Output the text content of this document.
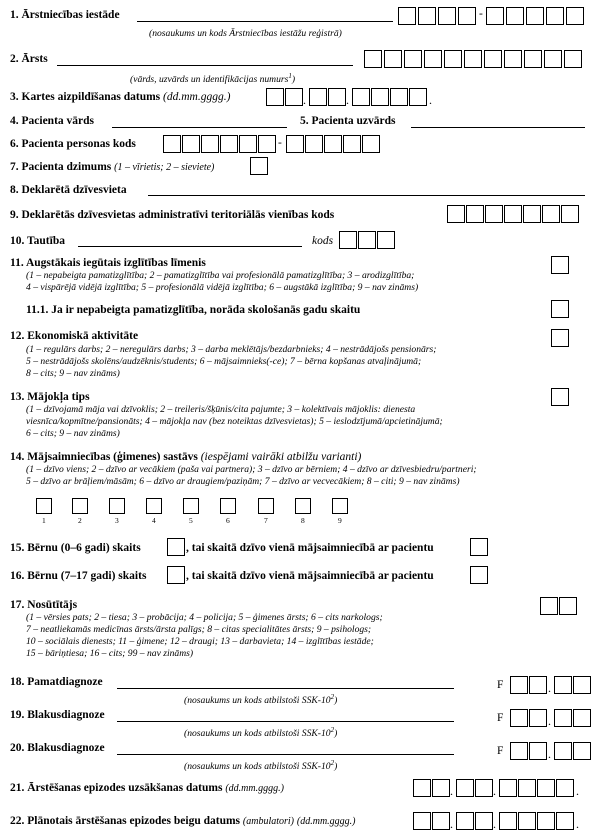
1. Ārstniecības iestāde
(nosaukums un kods Ārstniecības iestāžu reģistrā)
-
2. Ārsts
(vārds, uzvārds un identifikācijas numurs$^1$)
3. Kartes aizpildīšanas datums (dd.mm.gggg.)	.	.	.
4. Pacienta vārds	5. Pacienta uzvārds
6. Pacienta personas kods	-
7. Pacienta dzimums (1 – vīrietis; 2 – sieviete)
8. Deklarētā dzīvesvieta
9. Deklarētās dzīvesvietas administratīvi teritoriālās vienības kods
10. Tautība	kods
11. Augstākais iegūtais izglītības līmenis
(1 – nepabeigta pamatizglītība; 2 – pamatizglītība vai profesionālā pamatizglītība; 3 – arodizglītība;
4 – vispārējā vidējā izglītība; 5 – profesionālā vidējā izglītība; 6 – augstākā izglītība; 9 – nav zināms)
11.1. Ja ir nepabeigta pamatizglītība, norāda skološanās gadu skaitu
12. Ekonomiskā aktivitāte
(1 – regulārs darbs; 2 – neregulārs darbs; 3 – darba meklētājs/bezdarbnieks; 4 – nestrādājošs pensionārs;
5 – nestrādājošs skolēns/audzēknis/students; 6 – mājsaimnieks(-ce); 7 – bērna kopšanas atvaļinājumā;
8 – cits; 9 – nav zināms)
13. Mājokļa tips
(1 – dzīvojamā māja vai dzīvoklis; 2 – treileris/šķūnis/cita pajumte; 3 – kolektīvais mājoklis: dienesta
viesnīca/kopmītne/pansionāts; 4 – mājokļa nav (bez noteiktas dzīvesvietas); 5 – ieslodzījumā/apcietinājumā;
6 – cits; 9 – nav zināms)
14. Mājsaimniecības (ģimenes) sastāvs (iespējami vairāki atbilžu varianti)
(1 – dzīvo viens; 2 – dzīvo ar vecākiem (paša vai partnera); 3 – dzīvo ar bērniem; 4 – dzīvo ar dzīvesbiedru/partneri;
5 – dzīvo ar brāļiem/māsām; 6 – dzīvo ar draugiem/paziņām; 7 – dzīvo ar vecvecākiem; 8 – citi; 9 – nav zināms)
1	2	3	4	5	6	7	8	9
15. Bērnu (0–6 gadi) skaits	, tai skaitā dzīvo vienā mājsaimniecībā ar pacientu
16. Bērnu (7–17 gadi) skaits	, tai skaitā dzīvo vienā mājsaimniecībā ar pacientu
17. Nosūtītājs
(1 – vērsies pats; 2 – tiesa; 3 – probācija; 4 – policija; 5 – ģimenes ārsts; 6 – cits narkologs;
7 – neatliekamās medicīnas ārsts/ārsta palīgs; 8 – citas specialitātes ārsts; 9 – psihologs;
10 – sociālais dienests; 11 – ģimene; 12 – draugi; 13 – darbavieta; 14 – izglītības iestāde;
15 – bāriņtiesa; 16 – cits; 99 – nav zināms)
18. Pamatdiagnoze
(nosaukums un kods atbilstoši SSK-$10^2$)
F	.
19. Blakusdiagnoze
(nosaukums un kods atbilstoši SSK-$10^2$)
F	.
20. Blakusdiagnoze
(nosaukums un kods atbilstoši SSK-$10^2$)
F	.
21. Ārstēšanas epizodes uzsākšanas datums (dd.mm.gggg.)	.	.	.
22. Plānotais ārstēšanas epizodes beigu datums (ambulatori) (dd.mm.gggg.)	.	.	.
